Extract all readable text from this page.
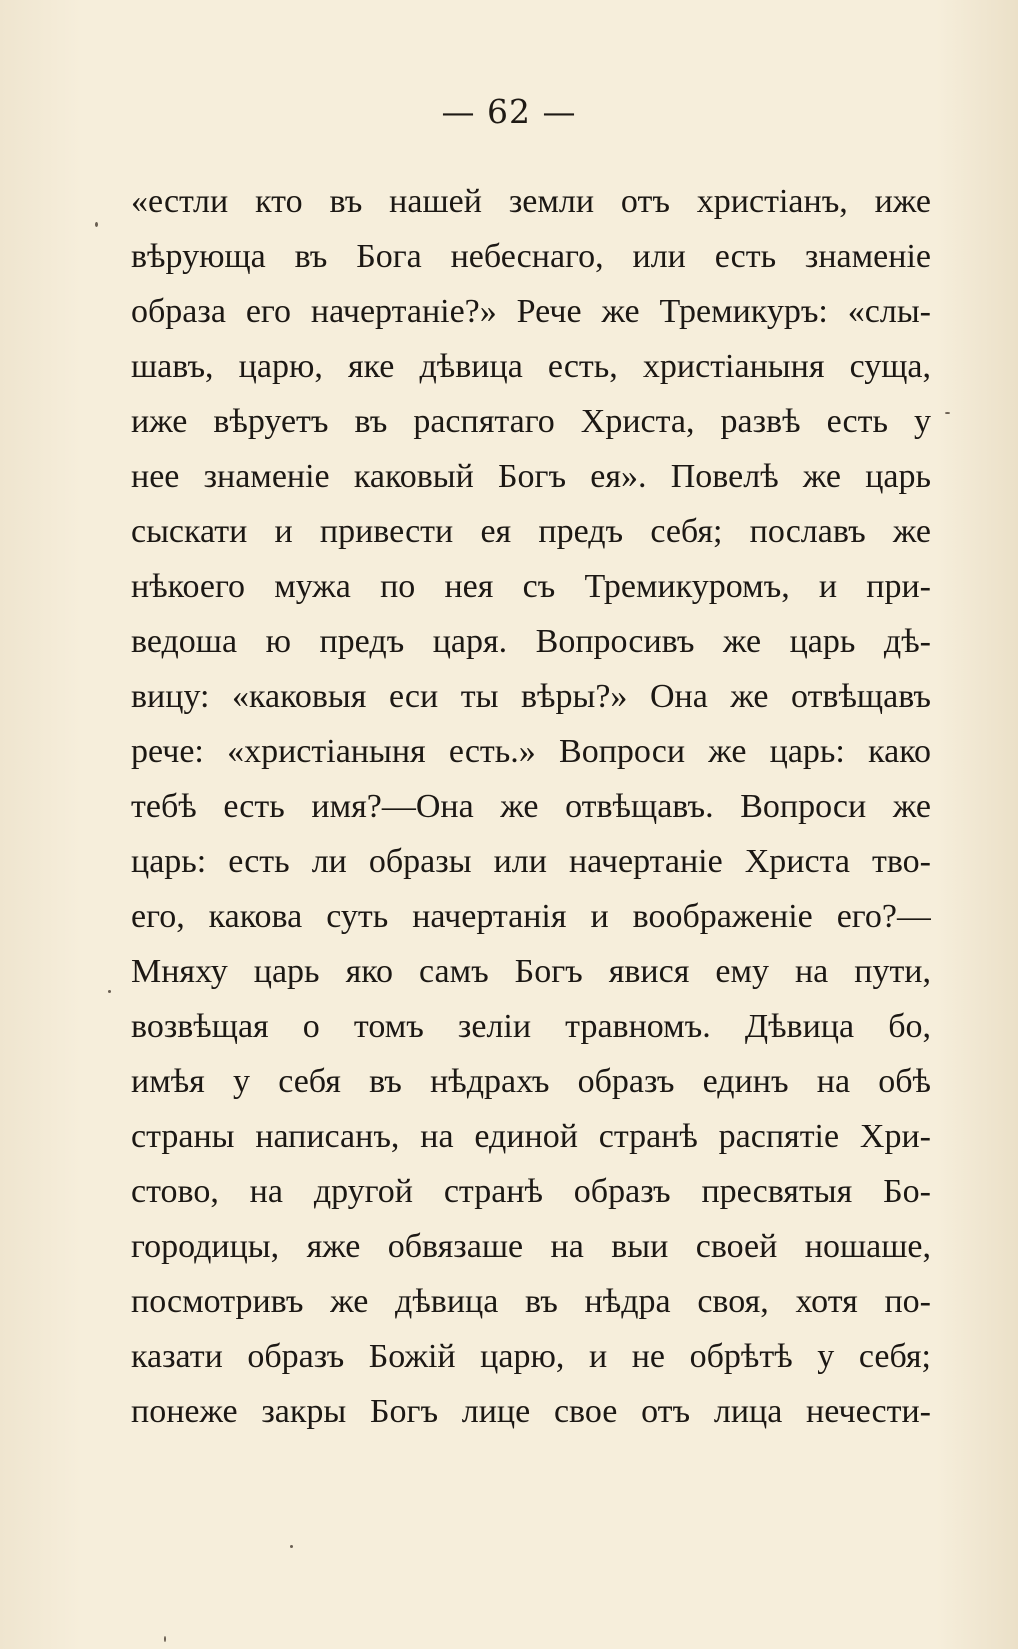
— 62 —
«естли кто въ нашей земли отъ христіанъ, иже
вѣрующа въ Бога небеснаго, или есть знаменіе
образа его начертаніе?» Рече же Тремикуръ: «слы-
шавъ, царю, яке дѣвица есть, христіаныня суща,
иже вѣруетъ въ распятаго Христа, развѣ есть у
нее знаменіе каковый Богъ ея». Повелѣ же царь
сыскати и привести ея предъ себя; пославъ же
нѣкоего мужа по нея съ Тремикуромъ, и при-
ведоша ю предъ царя. Вопросивъ же царь дѣ-
вицу: «каковыя еси ты вѣры?» Она же отвѣщавъ
рече: «христіаныня есть.» Вопроси же царь: како
тебѣ есть имя?—Она же отвѣщавъ. Вопроси же
царь: есть ли образы или начертаніе Христа тво-
его, какова суть начертанія и воображеніе его?—
Мняху царь яко самъ Богъ явися ему на пути,
возвѣщая о томъ зеліи травномъ. Дѣвица бо,
имѣя у себя въ нѣдрахъ образъ единъ на обѣ
страны написанъ, на единой странѣ распятіе Хри-
стово, на другой странѣ образъ пресвятыя Бо-
городицы, яже обвязаше на выи своей ношаше,
посмотривъ же дѣвица въ нѣдра своя, хотя по-
казати образъ Божій царю, и не обрѣтѣ у себя;
понеже закры Богъ лице свое отъ лица нечести-
